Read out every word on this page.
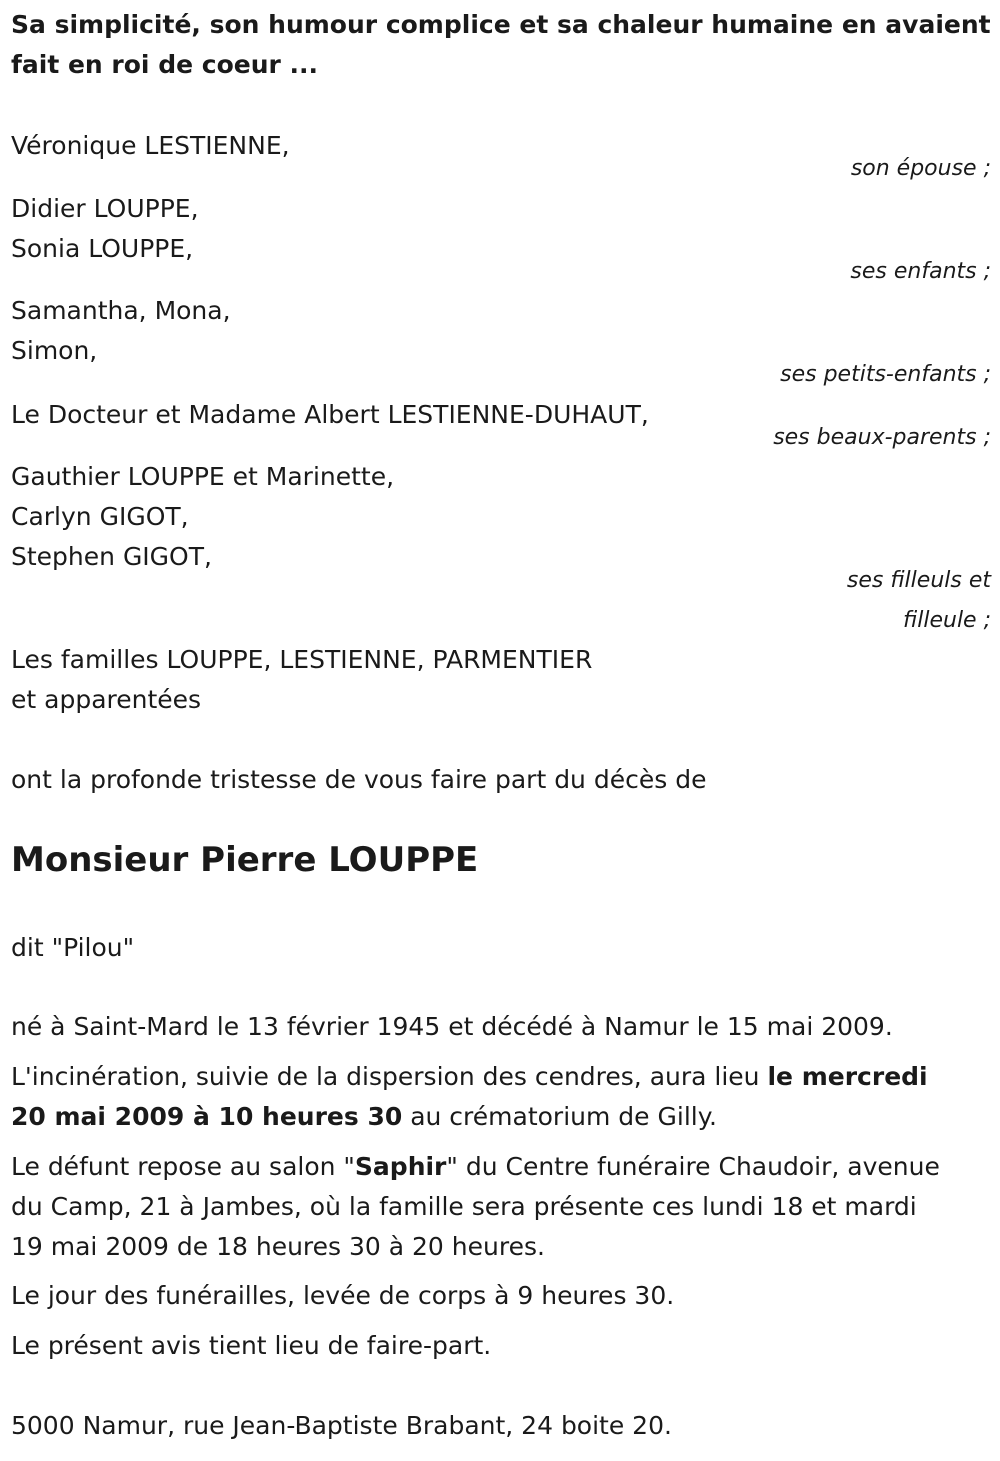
Sa simplicité, son humour complice et sa chaleur humaine en avaient
fait en roi de coeur ...
Véronique LESTIENNE,
son épouse ;
Didier LOUPPE,
Sonia LOUPPE,
ses enfants ;
Samantha, Mona,
Simon,
ses petits-enfants ;
Le Docteur et Madame Albert LESTIENNE-DUHAUT,
ses beaux-parents ;
Gauthier LOUPPE et Marinette,
Carlyn GIGOT,
Stephen GIGOT,
ses filleuls et
filleule ;
Les familles LOUPPE, LESTIENNE, PARMENTIER
et apparentées
ont la profonde tristesse de vous faire part du décès de
Monsieur Pierre LOUPPE
dit "Pilou"
né à Saint-Mard le 13 février 1945 et décédé à Namur le 15 mai 2009.
L'incinération, suivie de la dispersion des cendres, aura lieu le mercredi
20 mai 2009 à 10 heures 30 au crématorium de Gilly.
Le défunt repose au salon "Saphir" du Centre funéraire Chaudoir, avenue
du Camp, 21 à Jambes, où la famille sera présente ces lundi 18 et mardi
19 mai 2009 de 18 heures 30 à 20 heures.
Le jour des funérailles, levée de corps à 9 heures 30.
Le présent avis tient lieu de faire-part.
5000 Namur, rue Jean-Baptiste Brabant, 24 boite 20.
